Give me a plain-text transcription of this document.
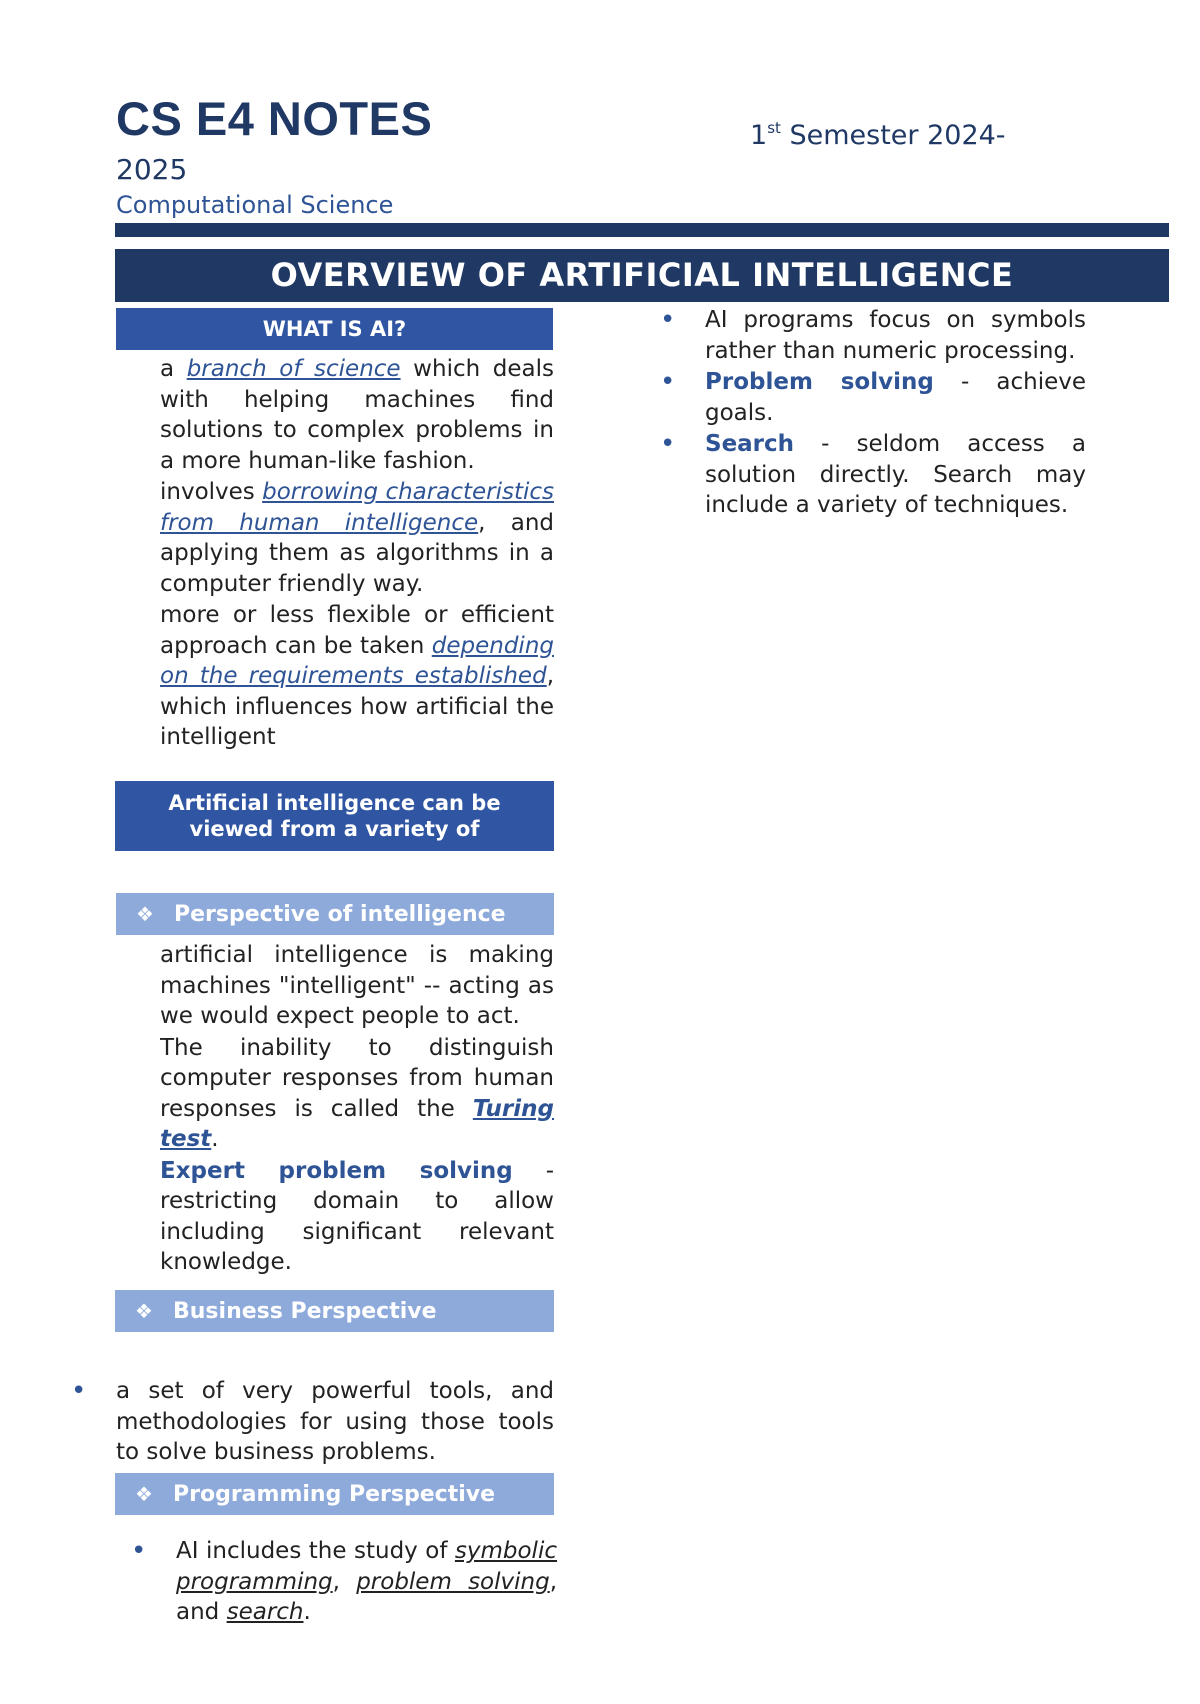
CS E4 NOTES	1st Semester 2024-
2025
Computational Science
OVERVIEW OF ARTIFICIAL INTELLIGENCE
WHAT IS AI?
• a branch of science which deals with helping machines find solutions to complex problems in a more human-like fashion.
• involves borrowing characteristics from human intelligence, and applying them as algorithms in a computer friendly way.
• more or less flexible or efficient approach can be taken depending on the requirements established, which influences how artificial the intelligent
Artificial intelligence can be
viewed from a variety of
❖ Perspective of intelligence
• artificial intelligence is making machines "intelligent" -- acting as we would expect people to act.
• The inability to distinguish computer responses from human responses is called the Turing test.
• Expert problem solving - restricting domain to allow including significant relevant knowledge.
❖ Business Perspective
• a set of very powerful tools, and methodologies for using those tools to solve business problems.
❖ Programming Perspective
• AI includes the study of symbolic programming, problem solving, and search.
• AI programs focus on symbols rather than numeric processing.
• Problem solving - achieve goals.
• Search - seldom access a solution directly. Search may include a variety of techniques.
